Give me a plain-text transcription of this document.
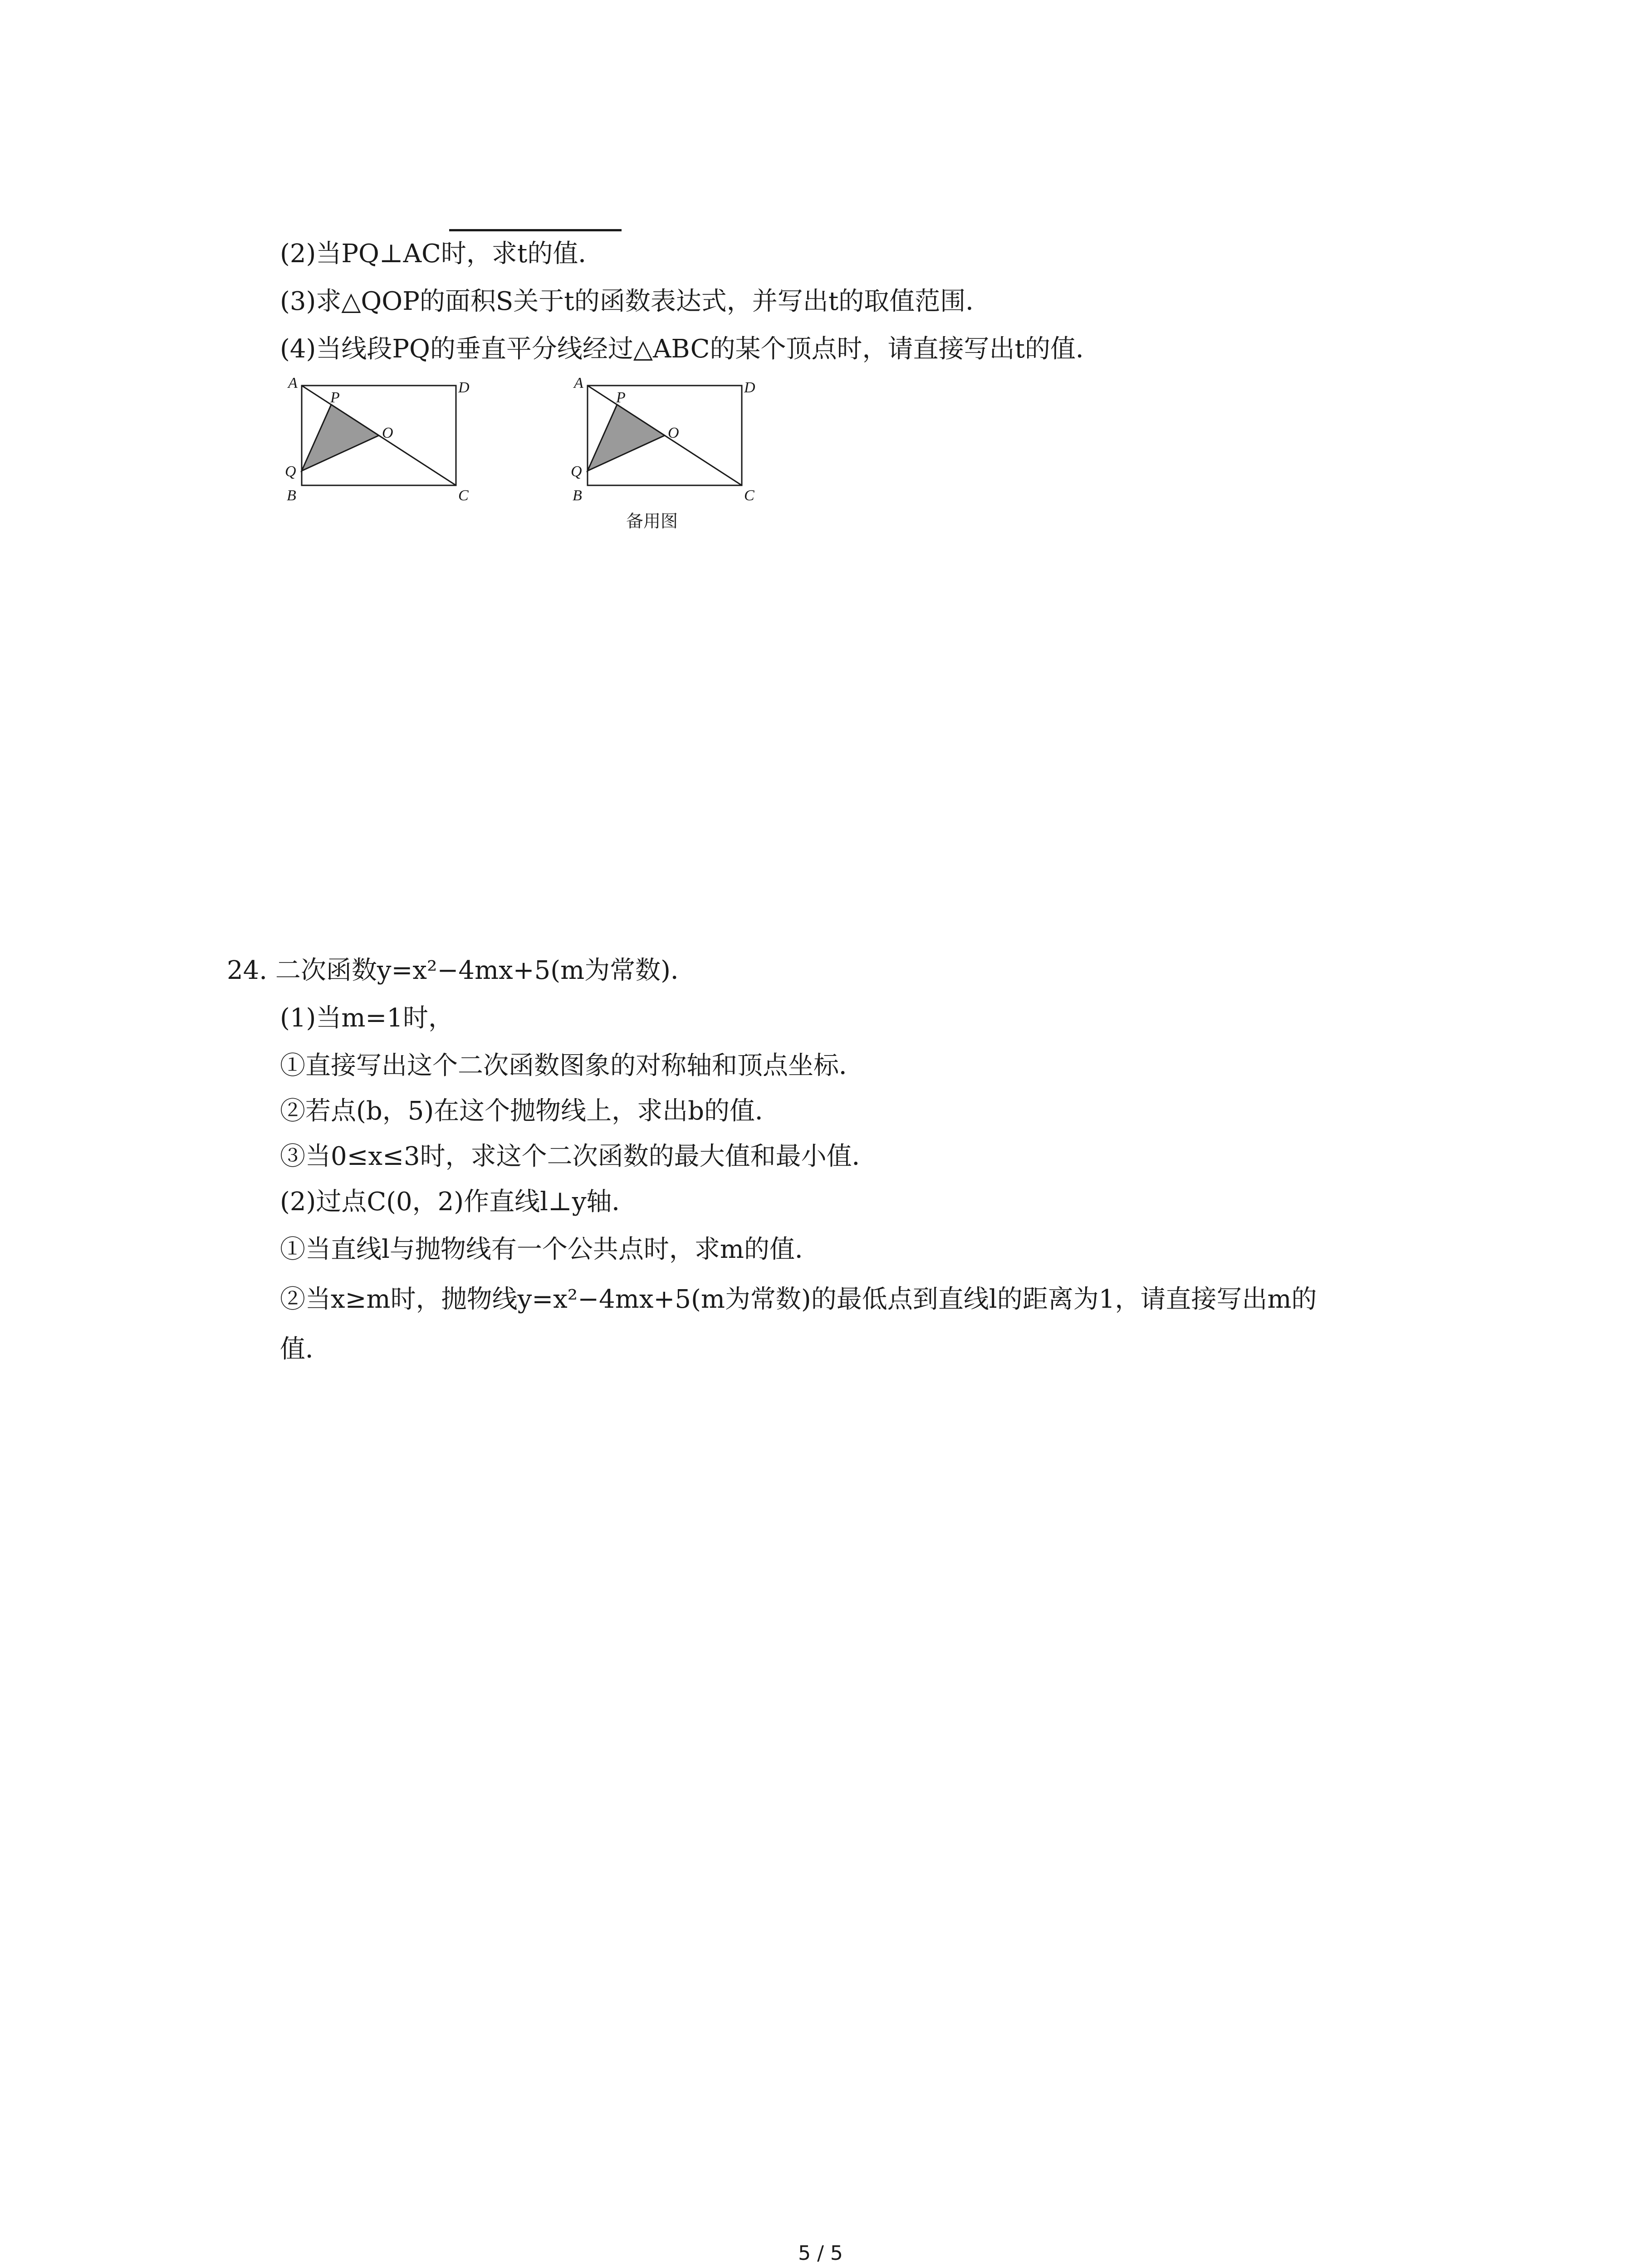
(2)当PQ⊥AC时，求t的值．
(3)求△QOP的面积S关于t的函数表达式，并写出t的取值范围．
(4)当线段PQ的垂直平分线经过△ABC的某个顶点时，请直接写出t的值．
A
P
D
O
Q
B	C
A
P
D
O
Q
B	C
备用图
24. 二次函数y=x²−4mx+5(m为常数)．
(1)当m=1时，
①直接写出这个二次函数图象的对称轴和顶点坐标．
②若点(b，5)在这个抛物线上，求出b的值．
③当0≤x≤3时，求这个二次函数的最大值和最小值．
(2)过点C(0，2)作直线l⊥y轴．
①当直线l与抛物线有一个公共点时，求m的值．
②当x≥m时，抛物线y=x²−4mx+5(m为常数)的最低点到直线l的距离为1，请直接写出m的
值．
5 / 5
